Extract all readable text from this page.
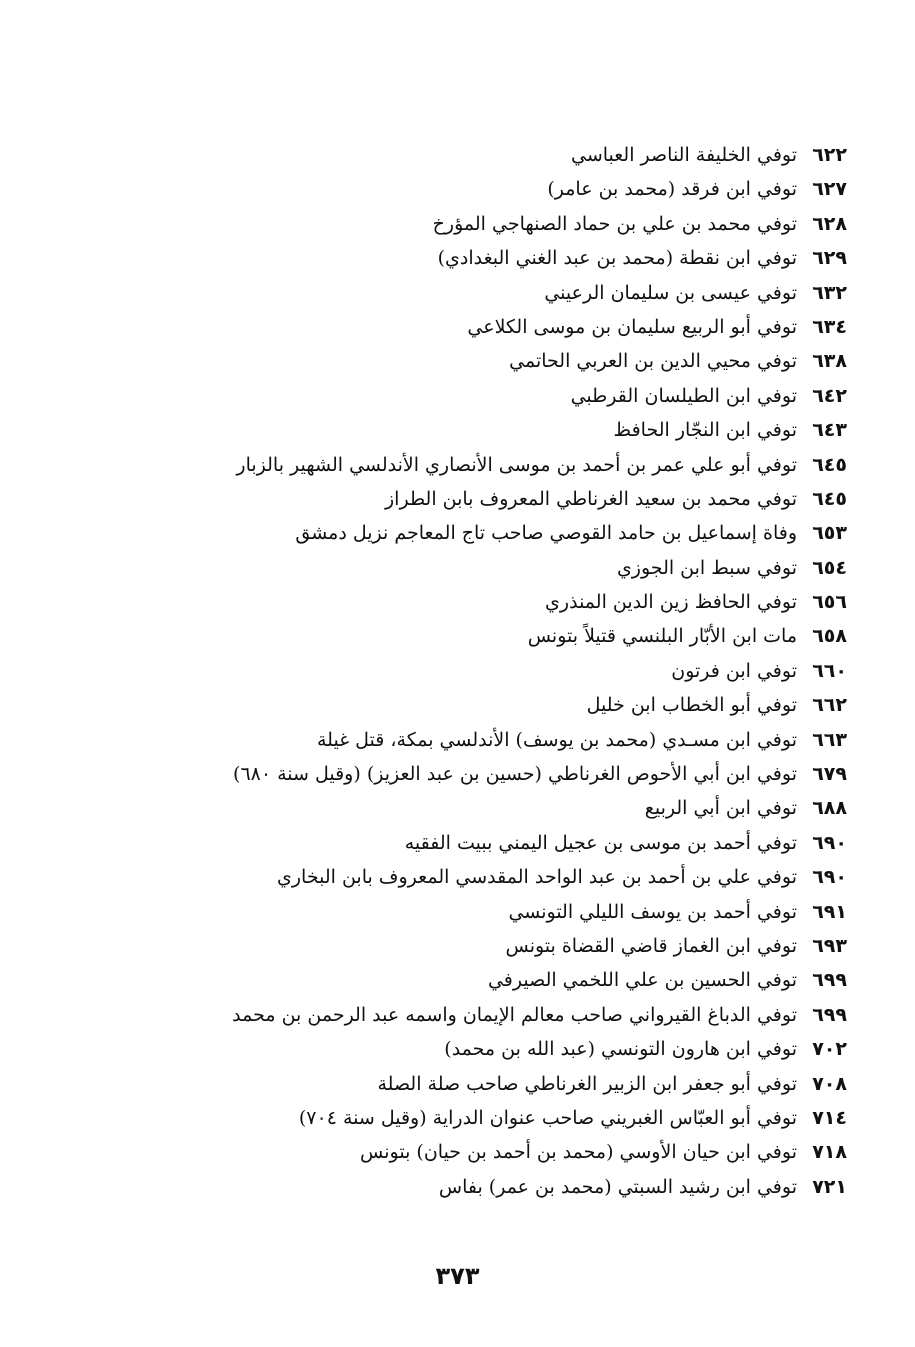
٦٢٢توفي الخليفة الناصر العباسي
٦٢٧توفي ابن فرقد (محمد بن عامر)
٦٢٨توفي محمد بن علي بن حماد الصنهاجي المؤرخ
٦٢٩توفي ابن نقطة (محمد بن عبد الغني البغدادي)
٦٣٢توفي عيسى بن سليمان الرعيني
٦٣٤توفي أبو الربيع سليمان بن موسى الكلاعي
٦٣٨توفي محيي الدين بن العربي الحاتمي
٦٤٢توفي ابن الطيلسان القرطبي
٦٤٣توفي ابن النجّار الحافظ
٦٤٥توفي أبو علي عمر بن أحمد بن موسى الأنصاري الأندلسي الشهير بالزبار
٦٤٥توفي محمد بن سعيد الغرناطي المعروف بابن الطراز
٦٥٣وفاة إسماعيل بن حامد القوصي صاحب تاج المعاجم نزيل دمشق
٦٥٤توفي سبط ابن الجوزي
٦٥٦توفي الحافظ زين الدين المنذري
٦٥٨مات ابن الأبّار البلنسي قتيلاً بتونس
٦٦٠توفي ابن فرتون
٦٦٢توفي أبو الخطاب ابن خليل
٦٦٣توفي ابن مسـدي (محمد بن يوسف) الأندلسي بمكة، قتل غيلة
٦٧٩توفي ابن أبي الأحوص الغرناطي (حسين بن عبد العزيز) (وقيل سنة ٦٨٠)
٦٨٨توفي ابن أبي الربيع
٦٩٠توفي أحمد بن موسى بن عجيل اليمني ببيت الفقيه
٦٩٠توفي علي بن أحمد بن عبد الواحد المقدسي المعروف بابن البخاري
٦٩١توفي أحمد بن يوسف الليلي التونسي
٦٩٣توفي ابن الغماز قاضي القضاة بتونس
٦٩٩توفي الحسين بن علي اللخمي الصيرفي
٦٩٩توفي الدباغ القيرواني صاحب معالم الإيمان واسمه عبد الرحمن بن محمد
٧٠٢توفي ابن هارون التونسي (عبد الله بن محمد)
٧٠٨توفي أبو جعفر ابن الزبير الغرناطي صاحب صلة الصلة
٧١٤توفي أبو العبّاس الغبريني صاحب عنوان الدراية (وقيل سنة ٧٠٤)
٧١٨توفي ابن حيان الأوسي (محمد بن أحمد بن حيان) بتونس
٧٢١توفي ابن رشيد السبتي (محمد بن عمر) بفاس
٣٧٣
